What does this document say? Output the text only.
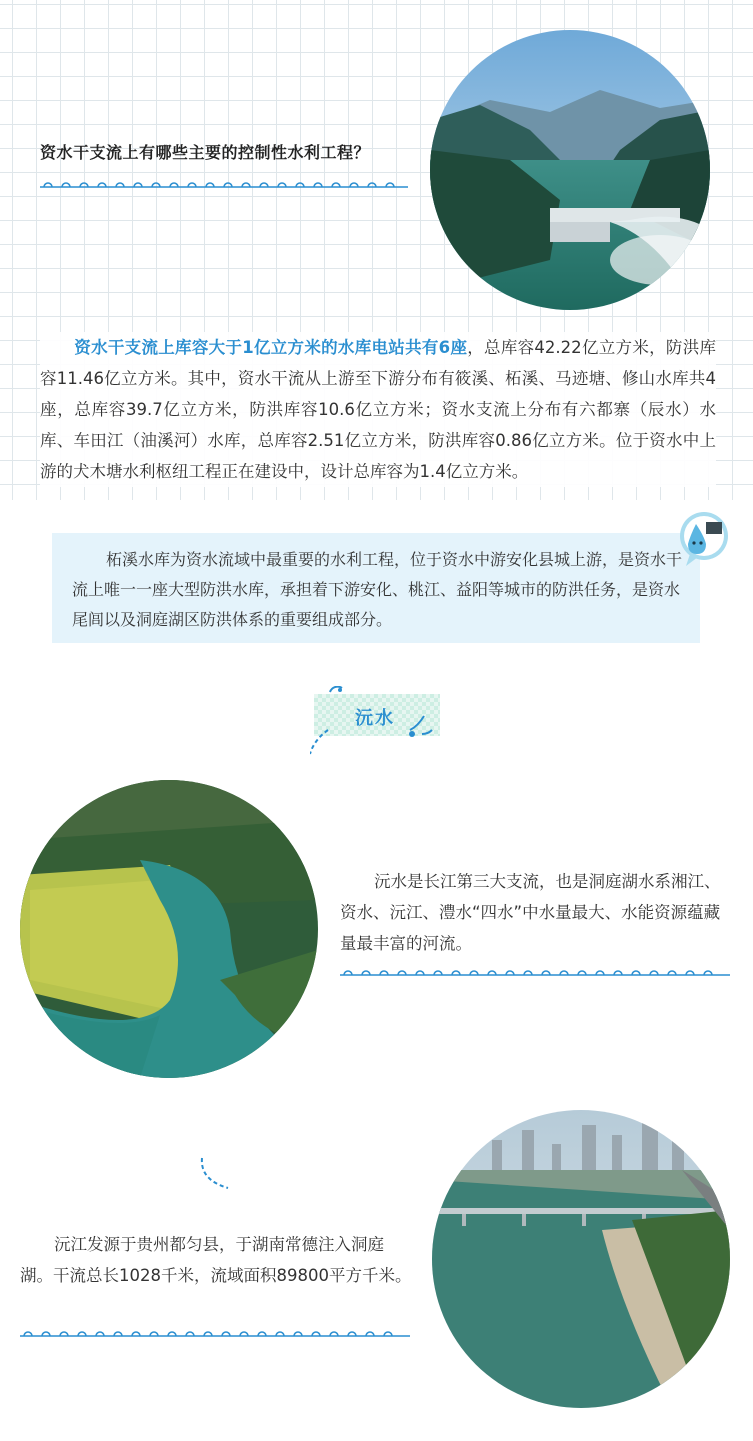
资水干支流上有哪些主要的控制性水利工程？
资水干支流上库容大于1亿立方米的水库电站共有6座，总库容42.22亿立方米，防洪库容11.46亿立方米。其中，资水干流从上游至下游分布有筱溪、柘溪、马迹塘、修山水库共4座，总库容39.7亿立方米，防洪库容10.6亿立方米；资水支流上分布有六都寨（辰水）水库、车田江（油溪河）水库，总库容2.51亿立方米，防洪库容0.86亿立方米。位于资水中上游的犬木塘水利枢纽工程正在建设中，设计总库容为1.4亿立方米。
柘溪水库为资水流域中最重要的水利工程，位于资水中游安化县城上游，是资水干流上唯一一座大型防洪水库，承担着下游安化、桃江、益阳等城市的防洪任务，是资水尾闾以及洞庭湖区防洪体系的重要组成部分。
沅水
沅水是长江第三大支流，也是洞庭湖水系湘江、资水、沅江、澧水“四水”中水量最大、水能资源蕴藏量最丰富的河流。
沅江发源于贵州都匀县，于湖南常德注入洞庭湖。干流总长1028千米，流域面积89800平方千米。
